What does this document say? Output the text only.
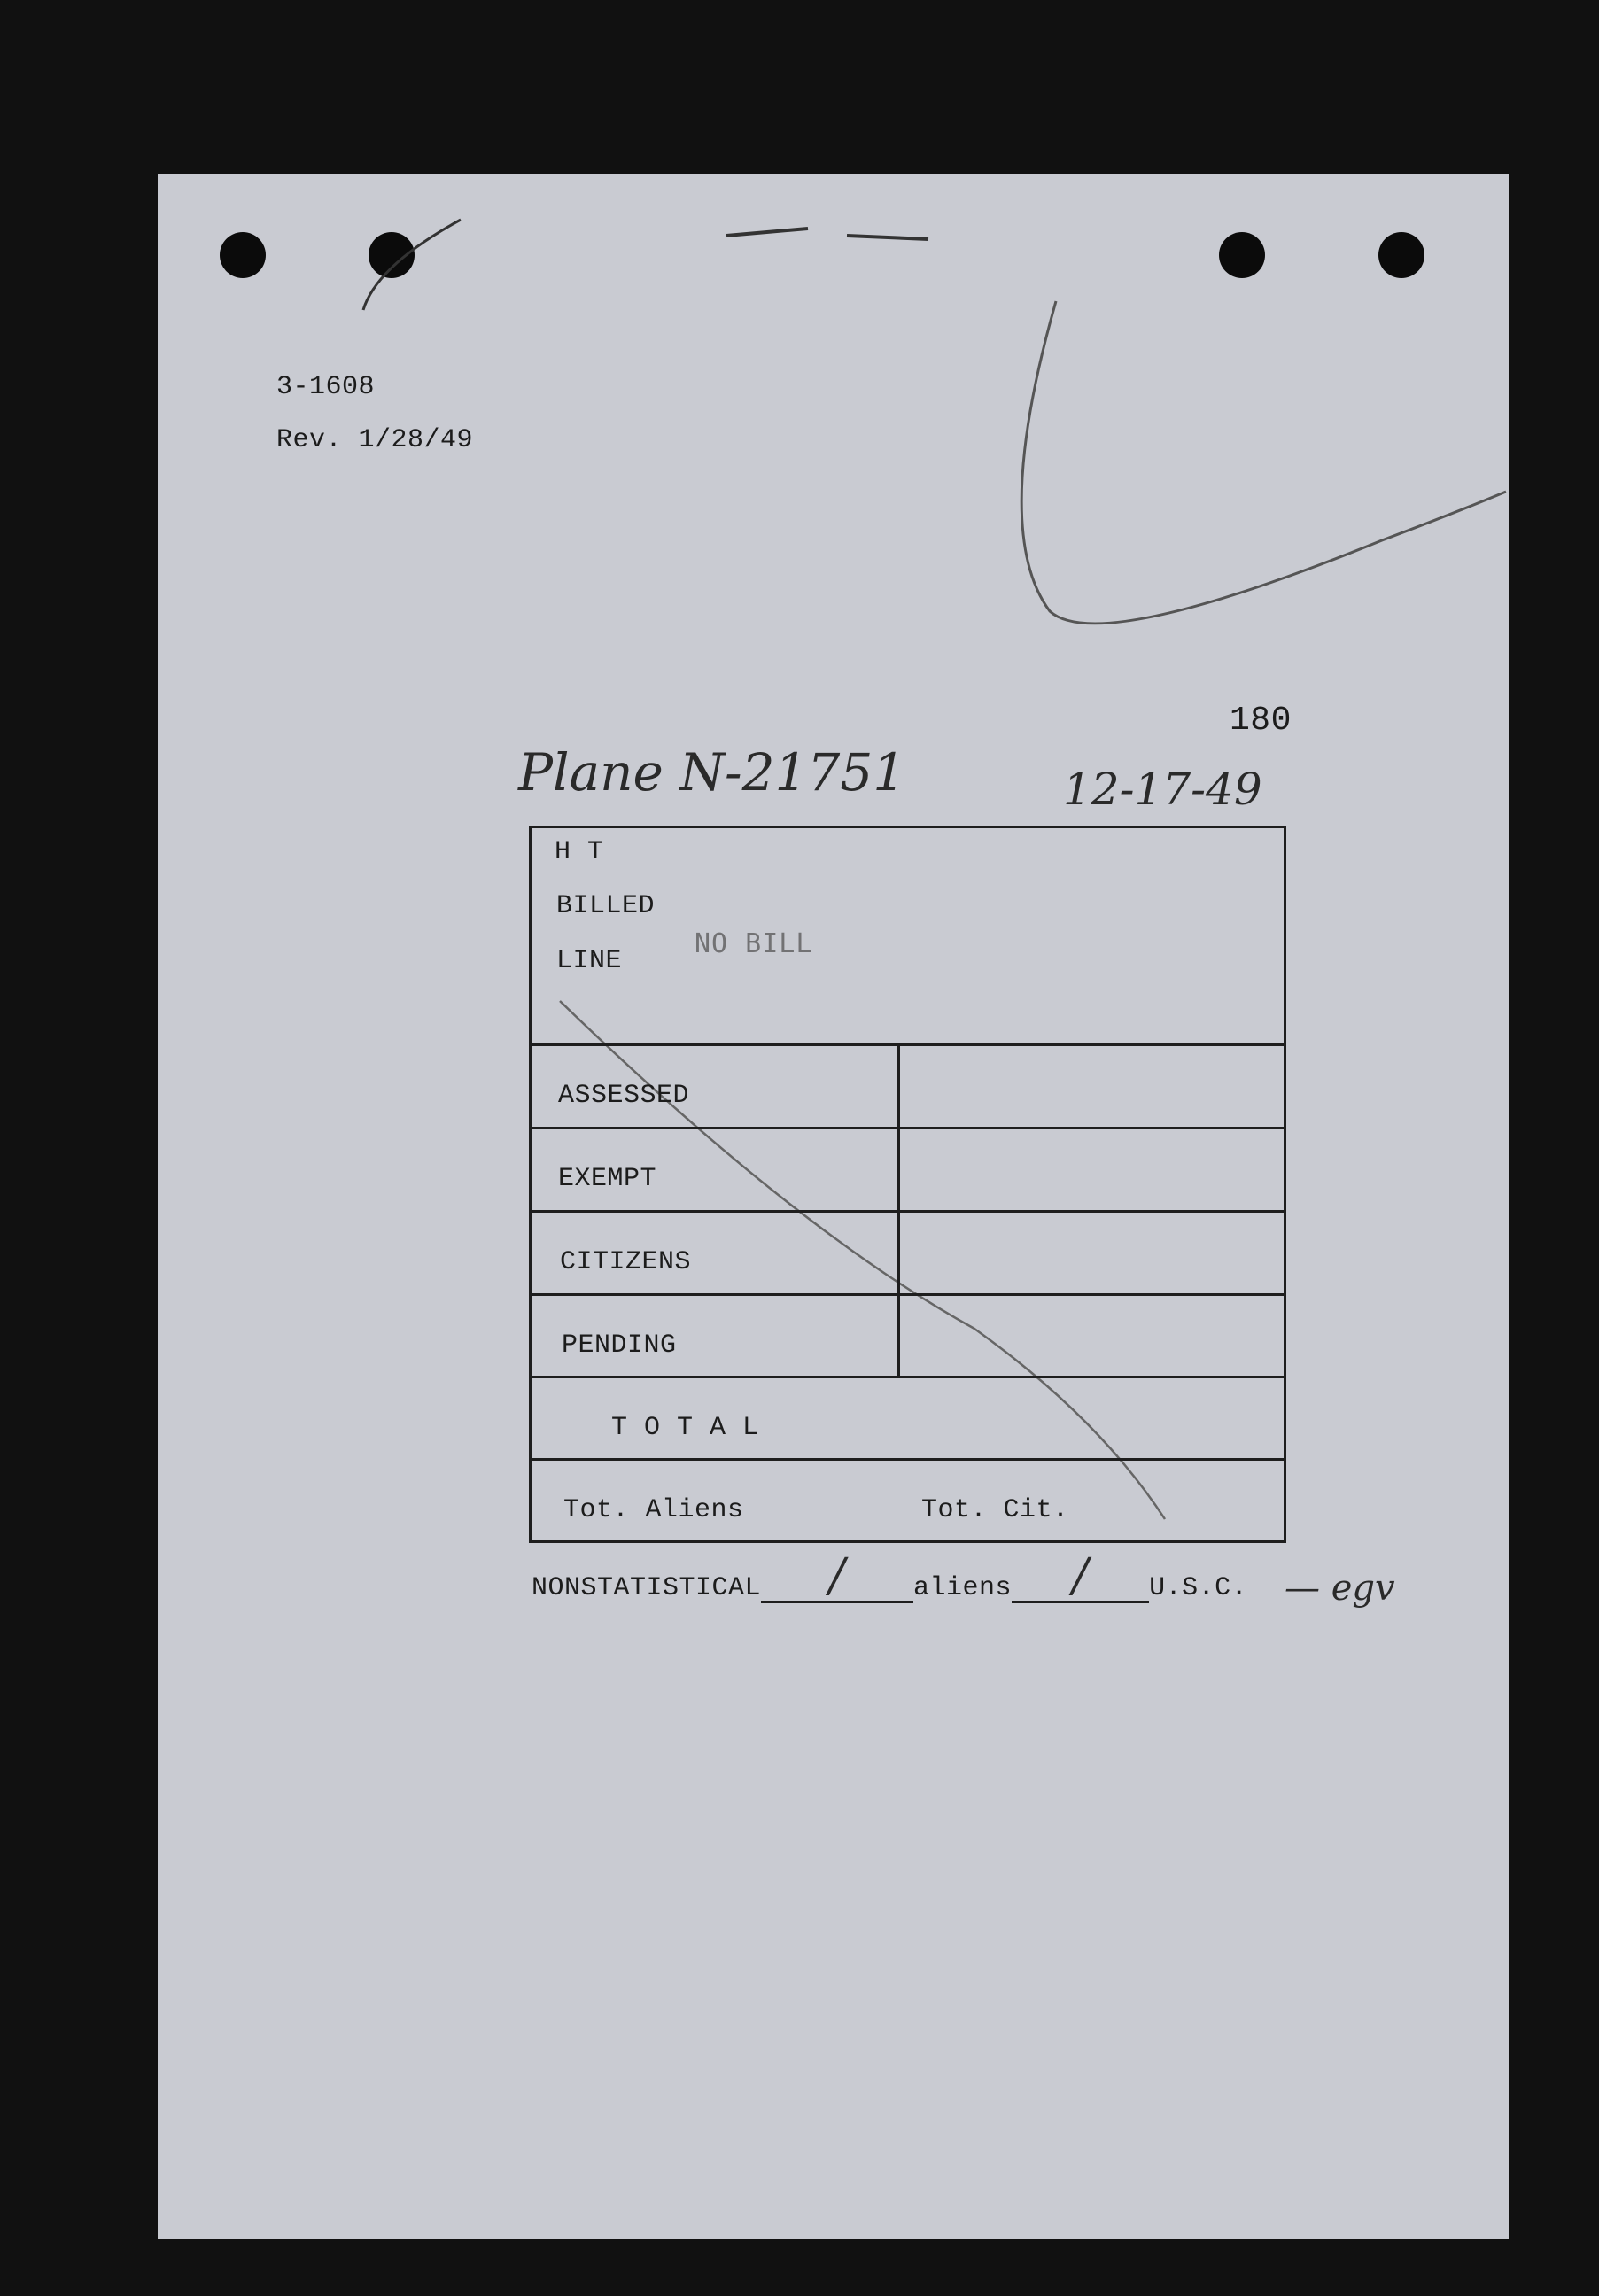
3-1608
Rev. 1/28/49
180
Plane N-21751	12-17-49
H T
BILLED
LINE
NO BILL
ASSESSED
EXEMPT
CITIZENS
PENDING
T O T A L
Tot. Aliens	Tot. Cit.
NONSTATISTICAL /	aliens / U.S.C. — egv
